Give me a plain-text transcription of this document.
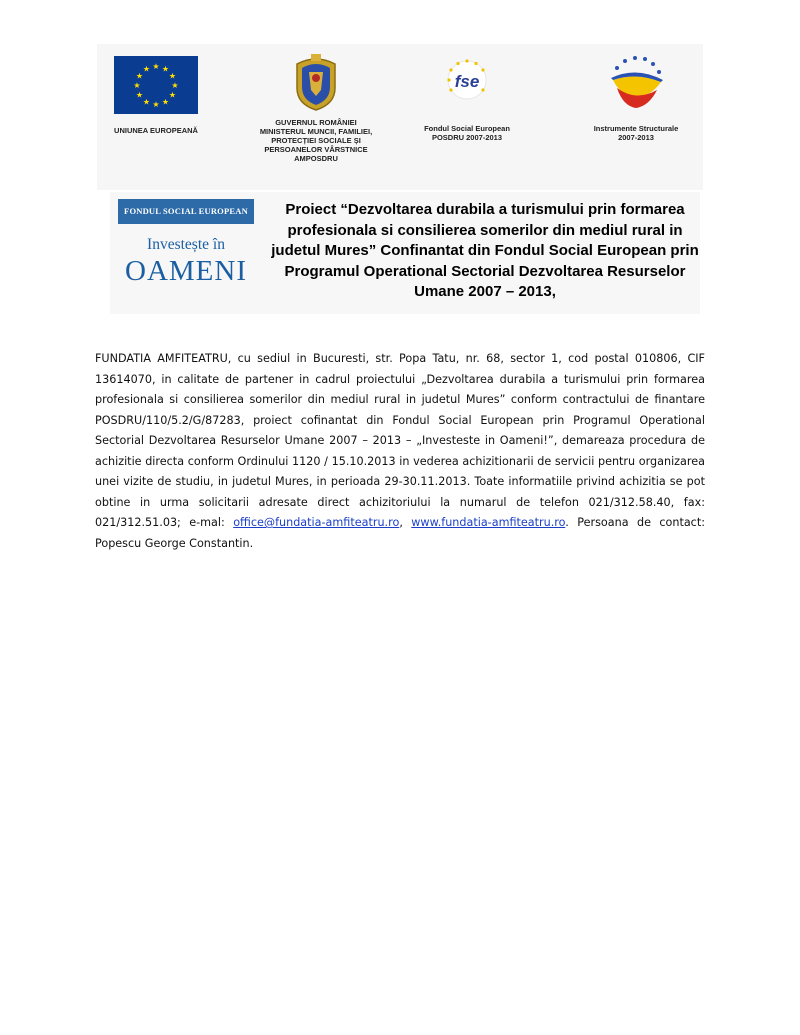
★ ★
★
★
★
★
★
★
★
★
★
★
UNIUNEA EUROPEANĂ
GUVERNUL ROMÂNIEI
MINISTERUL MUNCII, FAMILIEI,
PROTECȚIEI SOCIALE ȘI
PERSOANELOR VÂRSTNICE
AMPOSDRU
fse
Fondul Social European
POSDRU 2007-2013
Instrumente Structurale
2007-2013
FONDUL SOCIAL EUROPEAN
Investește în
OAMENI
Proiect “Dezvoltarea durabila a turismului prin formarea profesionala si consilierea somerilor din mediul rural in judetul Mures” Confinantat din Fondul Social European prin Programul Operational Sectorial Dezvoltarea Resurselor Umane 2007 – 2013,
FUNDATIA AMFITEATRU, cu sediul in Bucuresti, str. Popa Tatu, nr. 68, sector 1, cod postal 010806, CIF 13614070, in calitate de partener in cadrul proiectului „Dezvoltarea durabila a turismului prin formarea profesionala si consilierea somerilor din mediul rural in judetul Mures” conform contractului de finantare POSDRU/110/5.2/G/87283, proiect cofinantat din Fondul Social European prin Programul Operational Sectorial Dezvoltarea Resurselor Umane 2007 – 2013 – „Investeste in Oameni!”, demareaza procedura de achizitie directa conform Ordinului 1120 / 15.10.2013 in vederea achizitionarii de servicii pentru organizarea unei vizite de studiu, in judetul Mures, in perioada 29-30.11.2013. Toate informatiile privind achizitia se pot obtine in urma solicitarii adresate direct achizitoriului la numarul de telefon 021/312.58.40, fax: 021/312.51.03; e-mal: office@fundatia-amfiteatru.ro, www.fundatia-amfiteatru.ro. Persoana de contact: Popescu George Constantin.
